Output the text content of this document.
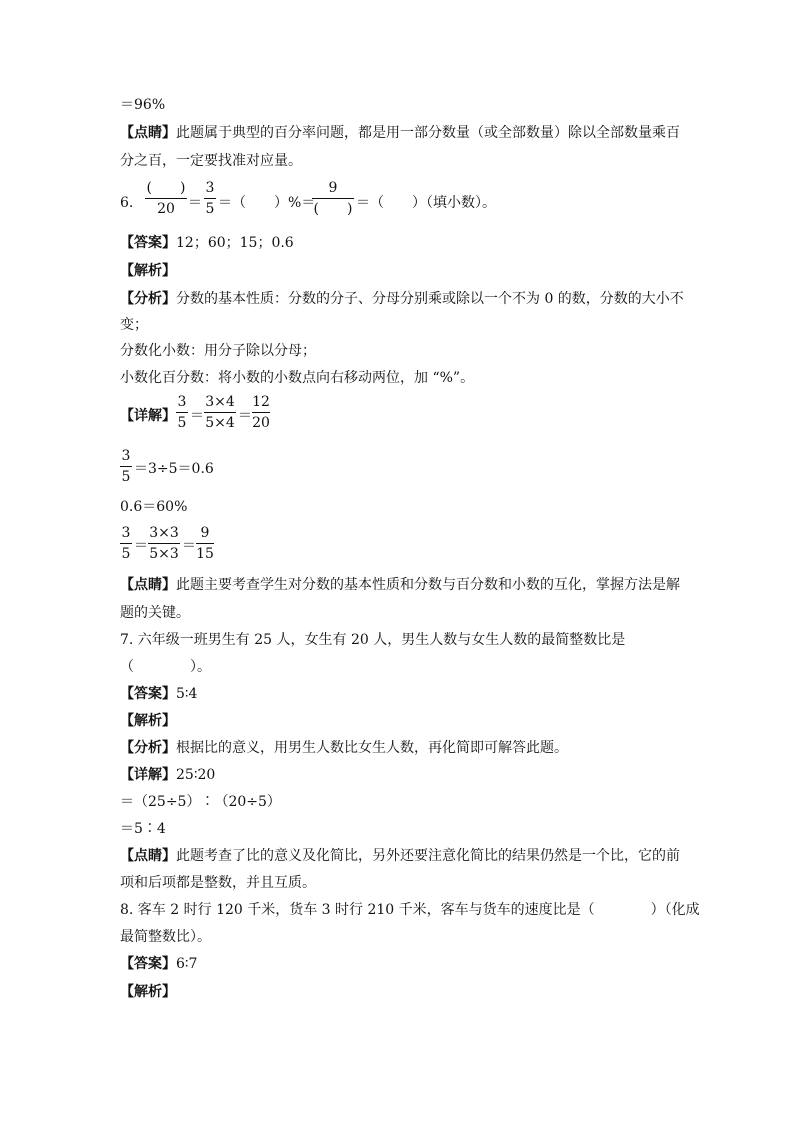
＝96%
【点睛】此题属于典型的百分率问题，都是用一部分数量（或全部数量）除以全部数量乘百
分之百，一定要找准对应量。
6.
(　　)
20 ＝
3
5 ＝（　　）%＝
9
(　　) ＝（　　）（填小数）。
【答案】12；60；15；0.6
【解析】
【分析】分数的基本性质：分数的分子、分母分别乘或除以一个不为 0 的数，分数的大小不
变；
分数化小数：用分子除以分母；
小数化百分数：将小数的小数点向右移动两位，加 “%”。
【详解】
3
5 ＝
3×4
5×4 ＝
12
20
3
5 ＝3÷5＝0.6
0.6＝60%
3
5 ＝
3×3
5×3 ＝
9
15
【点睛】此题主要考查学生对分数的基本性质和分数与百分数和小数的互化，掌握方法是解
题的关键。
7. 六年级一班男生有 25 人，女生有 20 人，男生人数与女生人数的最简整数比是
（　　　　）。
【答案】5∶4
【解析】
【分析】根据比的意义，用男生人数比女生人数，再化简即可解答此题。
【详解】25∶20
＝（25÷5）∶（20÷5）
＝5∶4
【点睛】此题考查了比的意义及化简比，另外还要注意化简比的结果仍然是一个比，它的前
项和后项都是整数，并且互质。
8. 客车 2 时行 120 千米，货车 3 时行 210 千米，客车与货车的速度比是（　　　　）（化成
最简整数比）。
【答案】6∶7
【解析】
